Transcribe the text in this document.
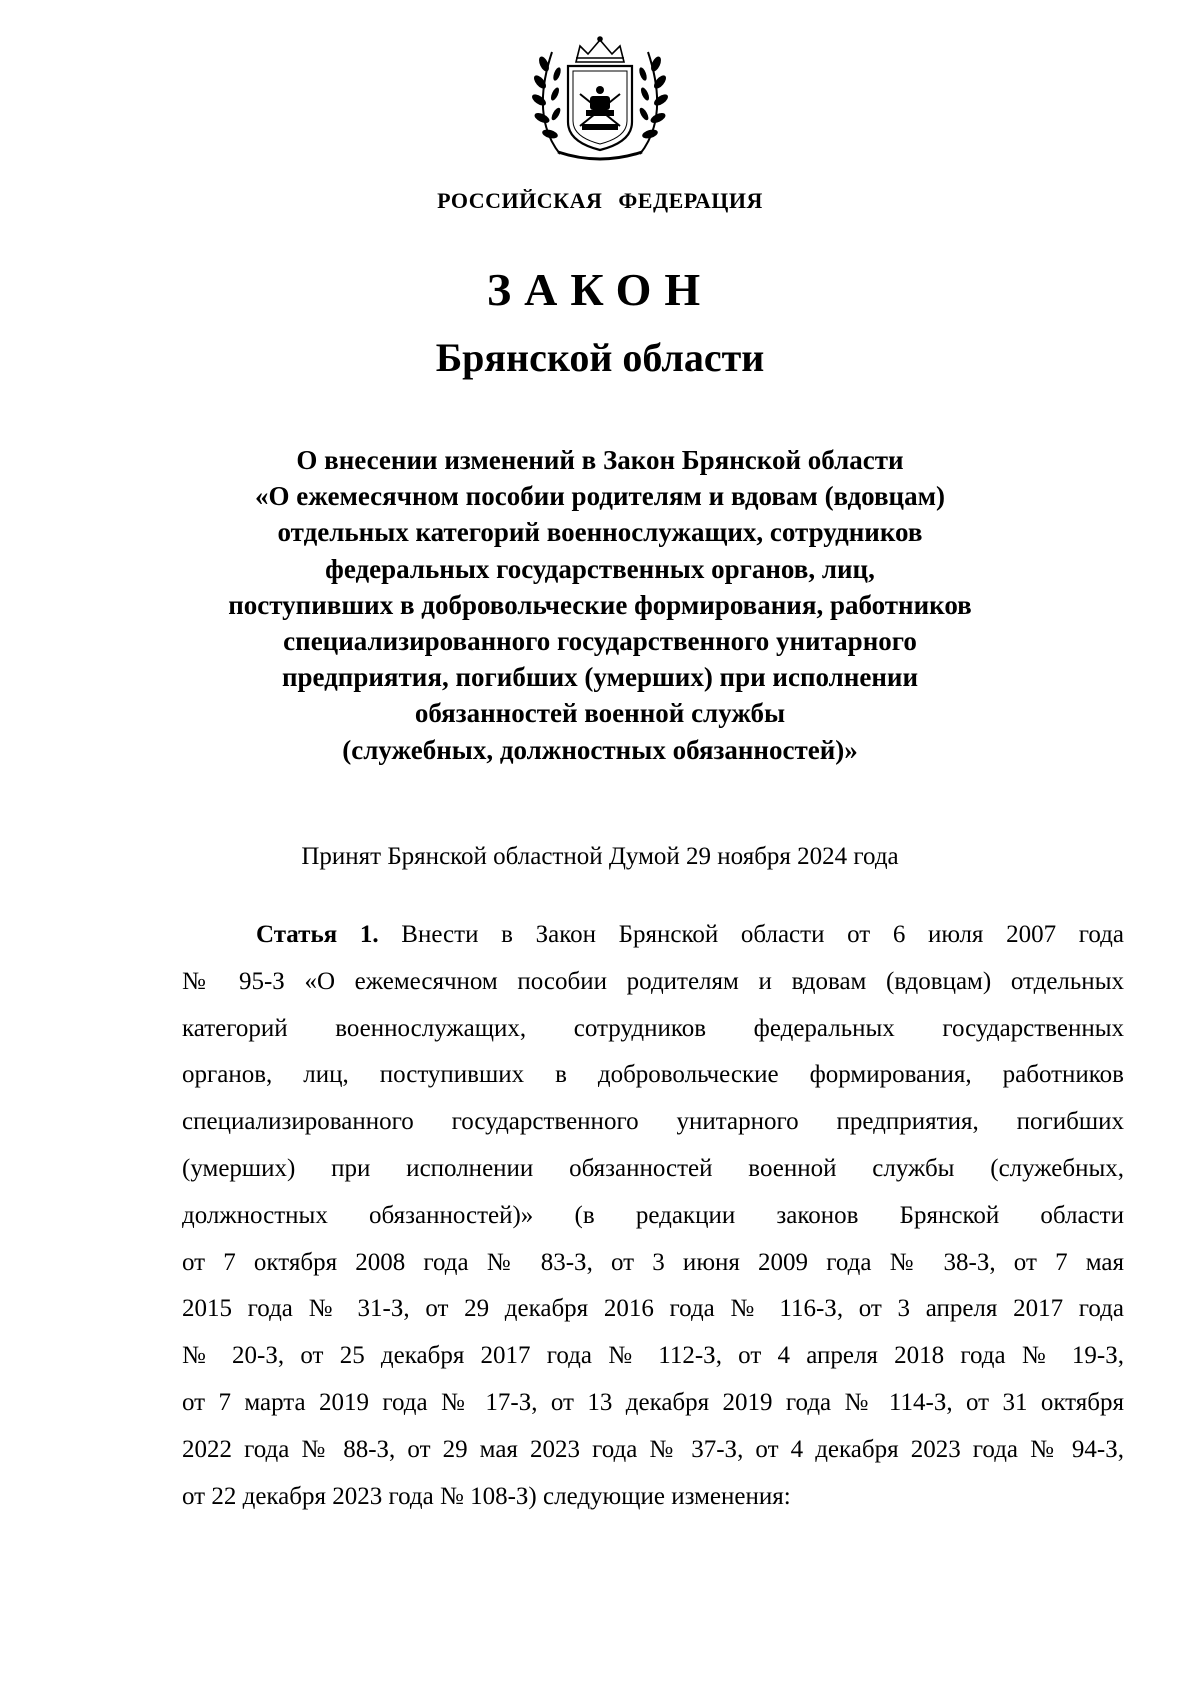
РОССИЙСКАЯ ФЕДЕРАЦИЯ
ЗАКОН
Брянской области
О внесении изменений в Закон Брянской области
«О ежемесячном пособии родителям и вдовам (вдовцам)
отдельных категорий военнослужащих, сотрудников
федеральных государственных органов, лиц,
поступивших в добровольческие формирования, работников
специализированного государственного унитарного
предприятия, погибших (умерших) при исполнении
обязанностей военной службы
(служебных, должностных обязанностей)»
Принят Брянской областной Думой 29 ноября 2024 года
Статья 1. Внести в Закон Брянской области от 6 июля 2007 года
№ 95-З «О ежемесячном пособии родителям и вдовам (вдовцам) отдельных
категорий военнослужащих, сотрудников федеральных государственных
органов, лиц, поступивших в добровольческие формирования, работников
специализированного государственного унитарного предприятия, погибших
(умерших) при исполнении обязанностей военной службы (служебных,
должностных обязанностей)» (в редакции законов Брянской области
от 7 октября 2008 года № 83-З, от 3 июня 2009 года № 38-З, от 7 мая
2015 года № 31-З, от 29 декабря 2016 года № 116-З, от 3 апреля 2017 года
№ 20-З, от 25 декабря 2017 года № 112-З, от 4 апреля 2018 года № 19-З,
от 7 марта 2019 года № 17-З, от 13 декабря 2019 года № 114-З, от 31 октября
2022 года № 88-З, от 29 мая 2023 года № 37-З, от 4 декабря 2023 года № 94-З,
от 22 декабря 2023 года № 108-З) следующие изменения:
